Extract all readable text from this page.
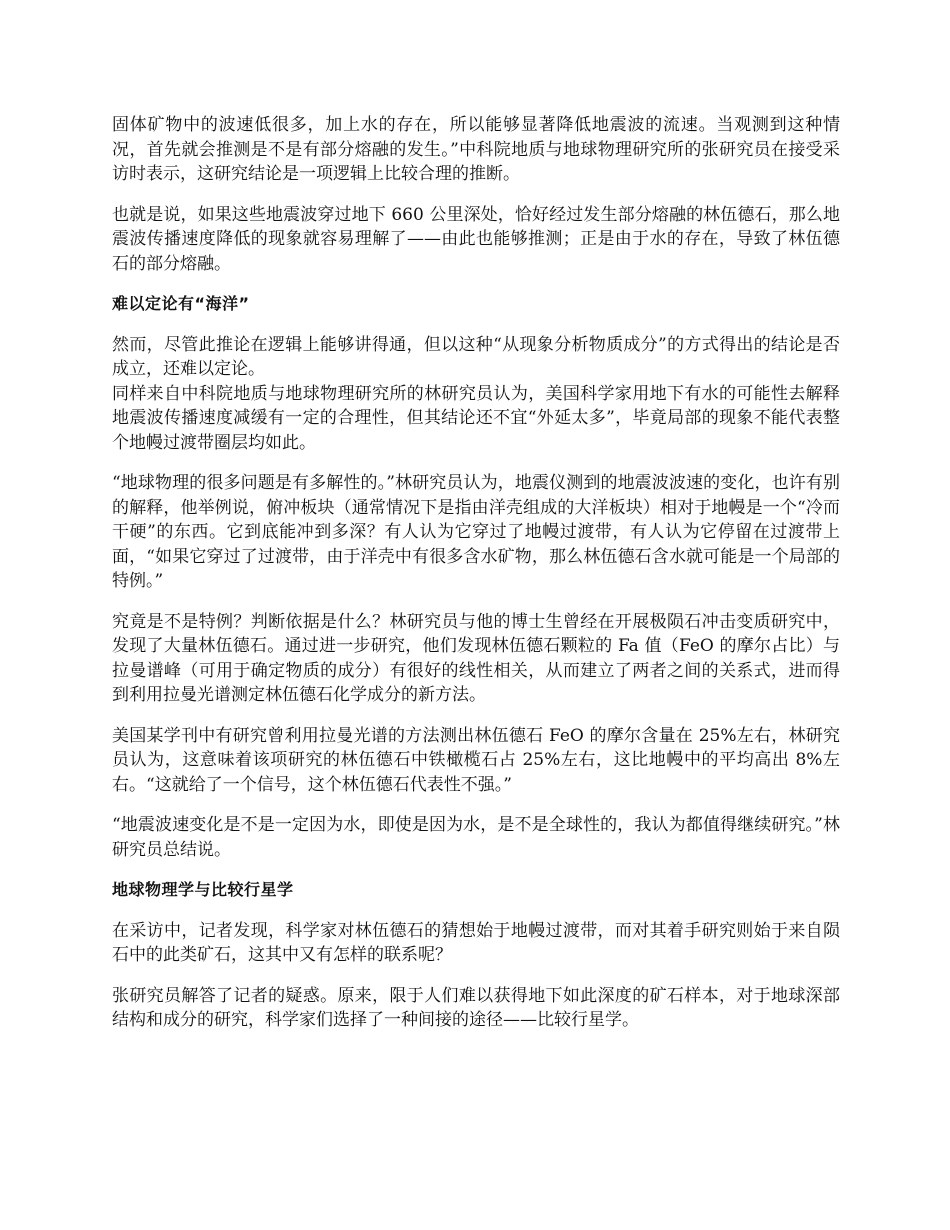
固体矿物中的波速低很多，加上水的存在，所以能够显著降低地震波的流速。当观测到这种情况，首先就会推测是不是有部分熔融的发生。”中科院地质与地球物理研究所的张研究员在接受采访时表示，这研究结论是一项逻辑上比较合理的推断。

也就是说，如果这些地震波穿过地下 660 公里深处，恰好经过发生部分熔融的林伍德石，那么地震波传播速度降低的现象就容易理解了——由此也能够推测；正是由于水的存在，导致了林伍德石的部分熔融。

难以定论有“海洋”

然而，尽管此推论在逻辑上能够讲得通，但以这种“从现象分析物质成分”的方式得出的结论是否成立，还难以定论。

同样来自中科院地质与地球物理研究所的林研究员认为，美国科学家用地下有水的可能性去解释地震波传播速度减缓有一定的合理性，但其结论还不宜“外延太多”，毕竟局部的现象不能代表整个地幔过渡带圈层均如此。

“地球物理的很多问题是有多解性的。”林研究员认为，地震仪测到的地震波波速的变化，也许有别的解释，他举例说，俯冲板块（通常情况下是指由洋壳组成的大洋板块）相对于地幔是一个“冷而干硬”的东西。它到底能冲到多深？有人认为它穿过了地幔过渡带，有人认为它停留在过渡带上面，“如果它穿过了过渡带，由于洋壳中有很多含水矿物，那么林伍德石含水就可能是一个局部的特例。”

究竟是不是特例？判断依据是什么？林研究员与他的博士生曾经在开展极陨石冲击变质研究中，发现了大量林伍德石。通过进一步研究，他们发现林伍德石颗粒的 Fa 值（FeO 的摩尔占比）与拉曼谱峰（可用于确定物质的成分）有很好的线性相关，从而建立了两者之间的关系式，进而得到利用拉曼光谱测定林伍德石化学成分的新方法。

美国某学刊中有研究曾利用拉曼光谱的方法测出林伍德石 FeO 的摩尔含量在 25%左右，林研究员认为，这意味着该项研究的林伍德石中铁橄榄石占 25%左右，这比地幔中的平均高出 8%左右。“这就给了一个信号，这个林伍德石代表性不强。”

“地震波速变化是不是一定因为水，即使是因为水，是不是全球性的，我认为都值得继续研究。”林研究员总结说。

地球物理学与比较行星学

在采访中，记者发现，科学家对林伍德石的猜想始于地幔过渡带，而对其着手研究则始于来自陨石中的此类矿石，这其中又有怎样的联系呢？

张研究员解答了记者的疑惑。原来，限于人们难以获得地下如此深度的矿石样本，对于地球深部结构和成分的研究，科学家们选择了一种间接的途径——比较行星学。
